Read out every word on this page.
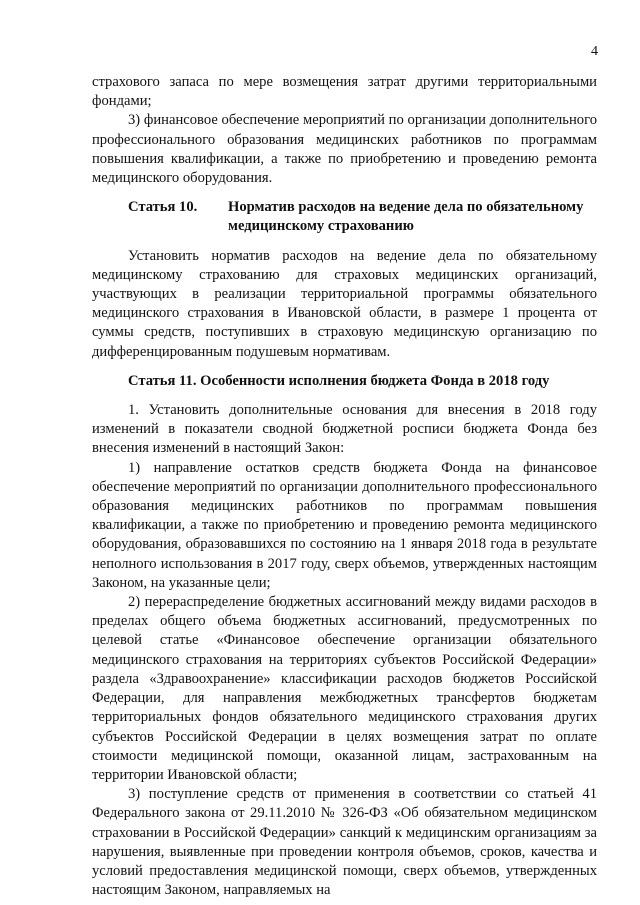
4

страхового запаса по мере возмещения затрат другими территориальными фондами;

3) финансовое обеспечение мероприятий по организации дополнительного профессионального образования медицинских работников по программам повышения квалификации, а также по приобретению и проведению ремонта медицинского оборудования.

Статья 10.	Норматив расходов на ведение дела по обязательному медицинскому страхованию

Установить норматив расходов на ведение дела по обязательному медицинскому страхованию для страховых медицинских организаций, участвующих в реализации территориальной программы обязательного медицинского страхования в Ивановской области, в размере 1 процента от суммы средств, поступивших в страховую медицинскую организацию по дифференцированным подушевым нормативам.

Статья 11. Особенности исполнения бюджета Фонда в 2018 году

1. Установить дополнительные основания для внесения в 2018 году изменений в показатели сводной бюджетной росписи бюджета Фонда без внесения изменений в настоящий Закон:

1) направление остатков средств бюджета Фонда на финансовое обеспечение мероприятий по организации дополнительного профессионального образования медицинских работников по программам повышения квалификации, а также по приобретению и проведению ремонта медицинского оборудования, образовавшихся по состоянию на 1 января 2018 года в результате неполного использования в 2017 году, сверх объемов, утвержденных настоящим Законом, на указанные цели;

2) перераспределение бюджетных ассигнований между видами расходов в пределах общего объема бюджетных ассигнований, предусмотренных по целевой статье «Финансовое обеспечение организации обязательного медицинского страхования на территориях субъектов Российской Федерации» раздела «Здравоохранение» классификации расходов бюджетов Российской Федерации, для направления межбюджетных трансфертов бюджетам территориальных фондов обязательного медицинского страхования других субъектов Российской Федерации в целях возмещения затрат по оплате стоимости медицинской помощи, оказанной лицам, застрахованным на территории Ивановской области;

3) поступление средств от применения в соответствии со статьей 41 Федерального закона от 29.11.2010 № 326-ФЗ «Об обязательном медицинском страховании в Российской Федерации» санкций к медицинским организациям за нарушения, выявленные при проведении контроля объемов, сроков, качества и условий предоставления медицинской помощи, сверх объемов, утвержденных настоящим Законом, направляемых на
